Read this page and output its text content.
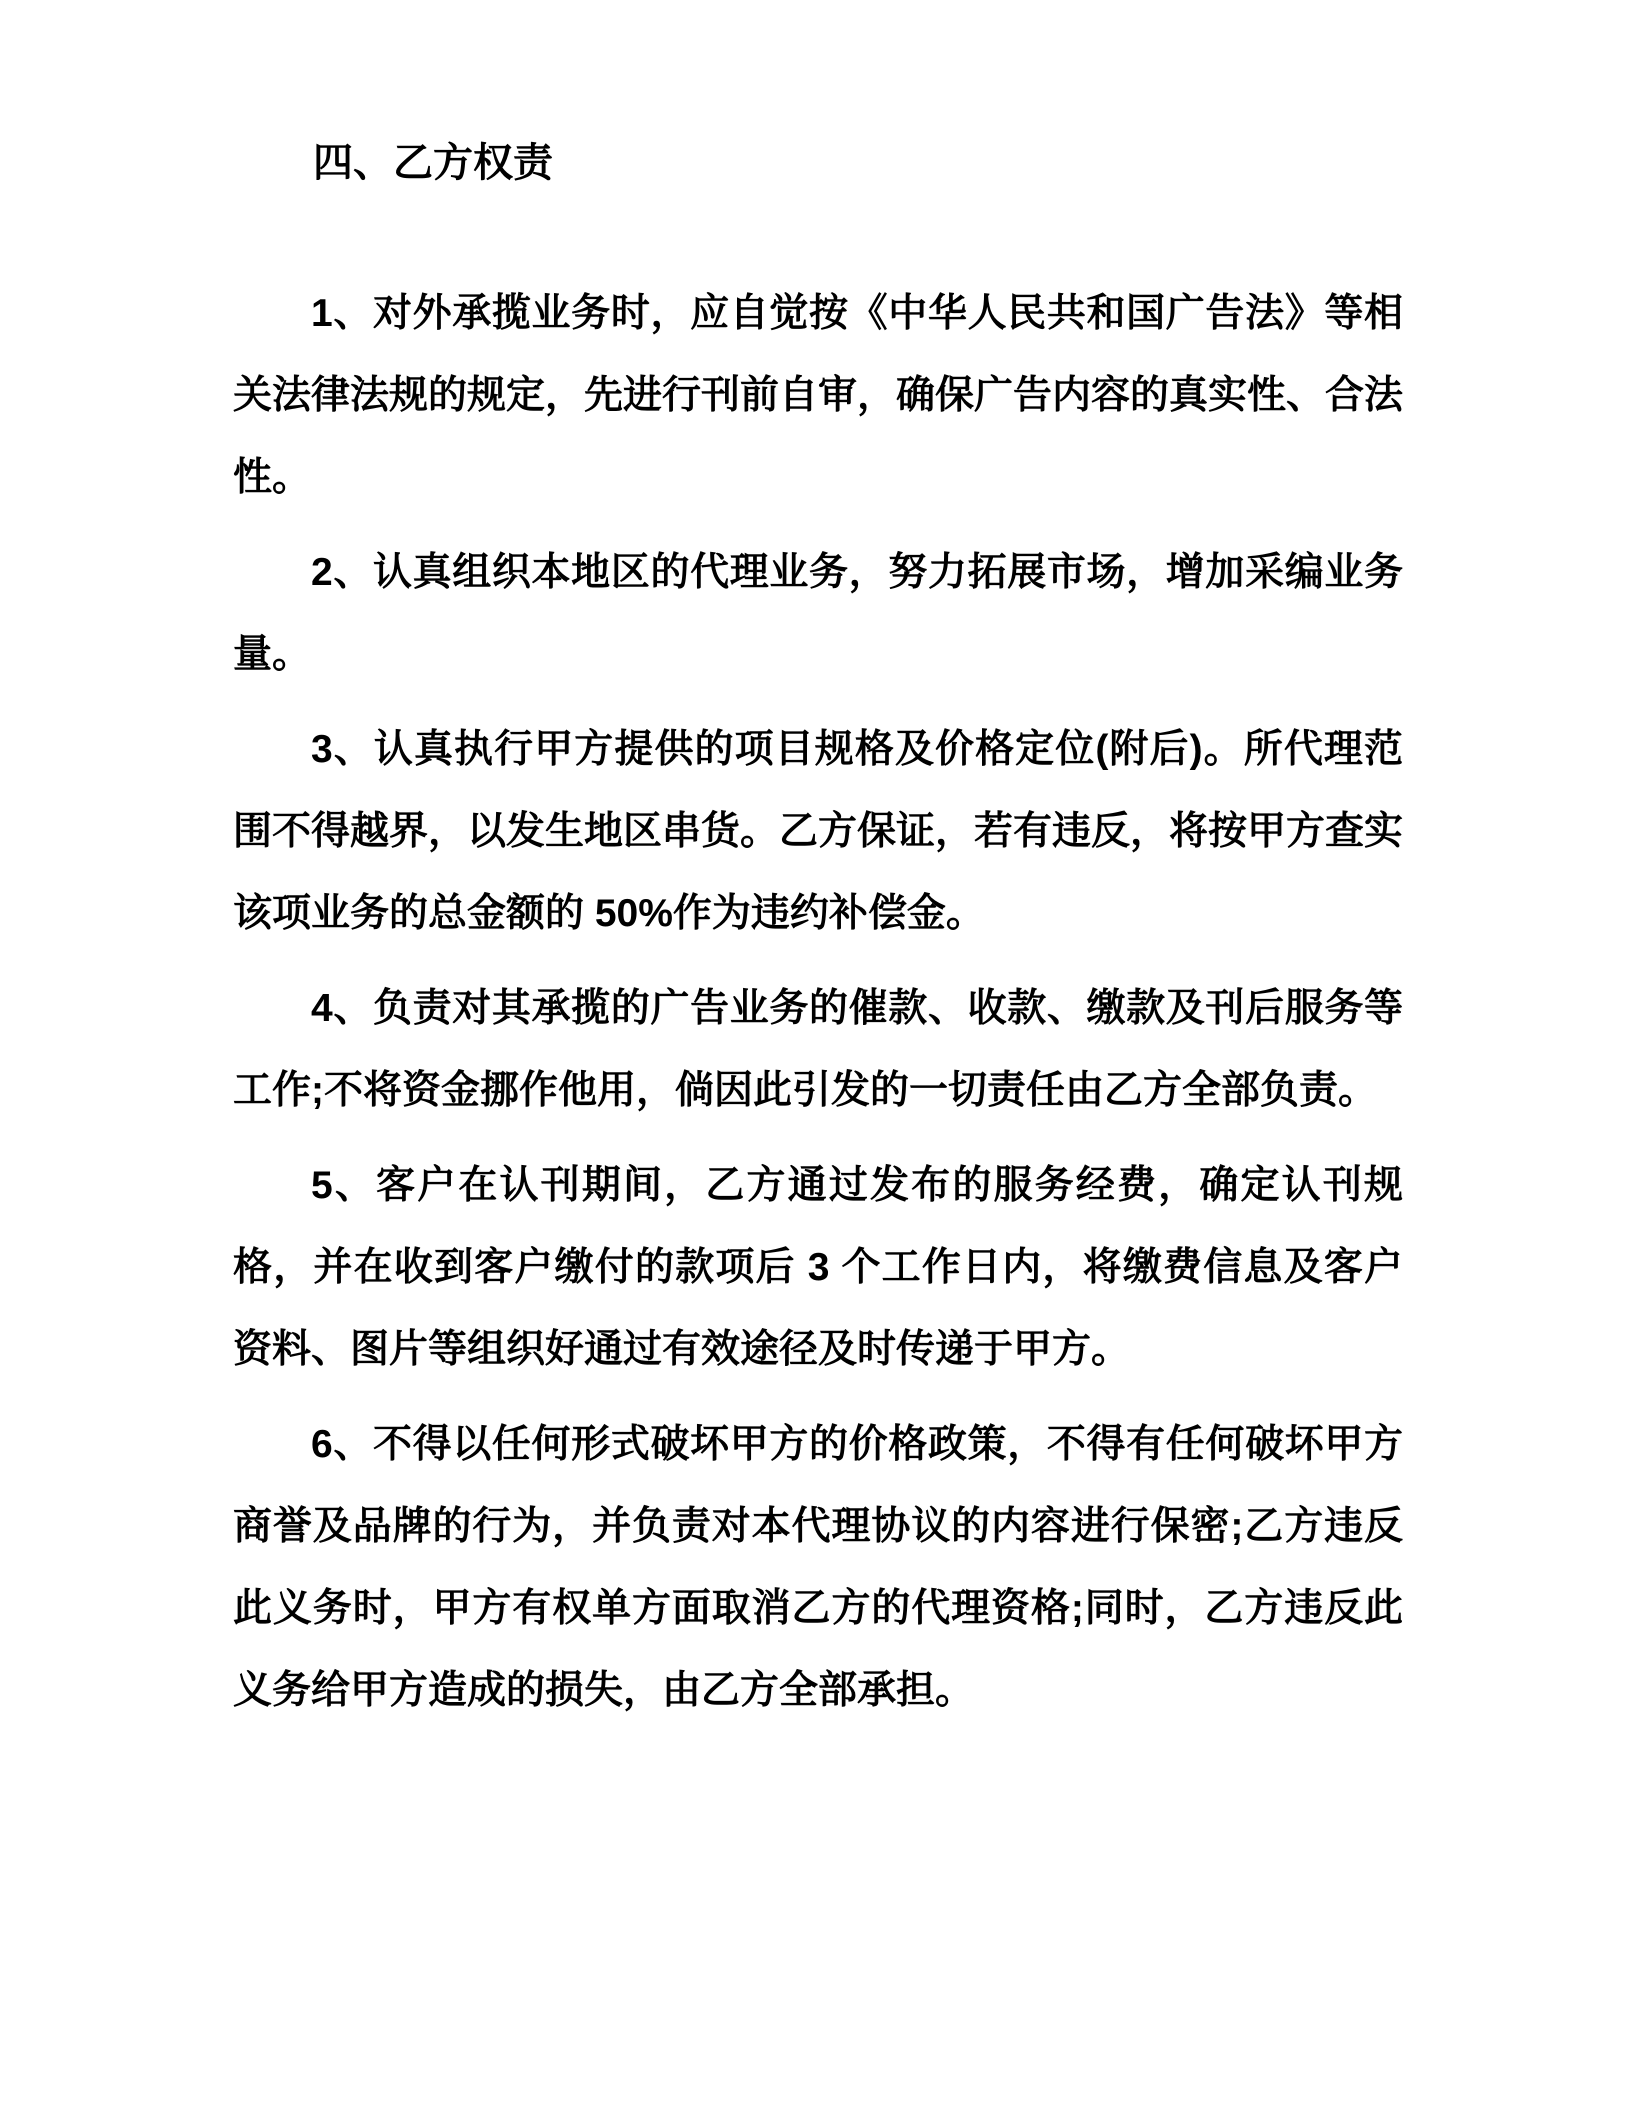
四、乙方权责

1、对外承揽业务时，应自觉按《中华人民共和国广告法》等相关法律法规的规定，先进行刊前自审，确保广告内容的真实性、合法性。

2、认真组织本地区的代理业务，努力拓展市场，增加采编业务量。

3、认真执行甲方提供的项目规格及价格定位(附后)。所代理范围不得越界，以发生地区串货。乙方保证，若有违反，将按甲方查实该项业务的总金额的 50%作为违约补偿金。

4、负责对其承揽的广告业务的催款、收款、缴款及刊后服务等工作;不将资金挪作他用，倘因此引发的一切责任由乙方全部负责。

5、客户在认刊期间，乙方通过发布的服务经费，确定认刊规格，并在收到客户缴付的款项后 3 个工作日内，将缴费信息及客户资料、图片等组织好通过有效途径及时传递于甲方。

6、不得以任何形式破坏甲方的价格政策，不得有任何破坏甲方商誉及品牌的行为，并负责对本代理协议的内容进行保密;乙方违反此义务时，甲方有权单方面取消乙方的代理资格;同时，乙方违反此义务给甲方造成的损失，由乙方全部承担。
